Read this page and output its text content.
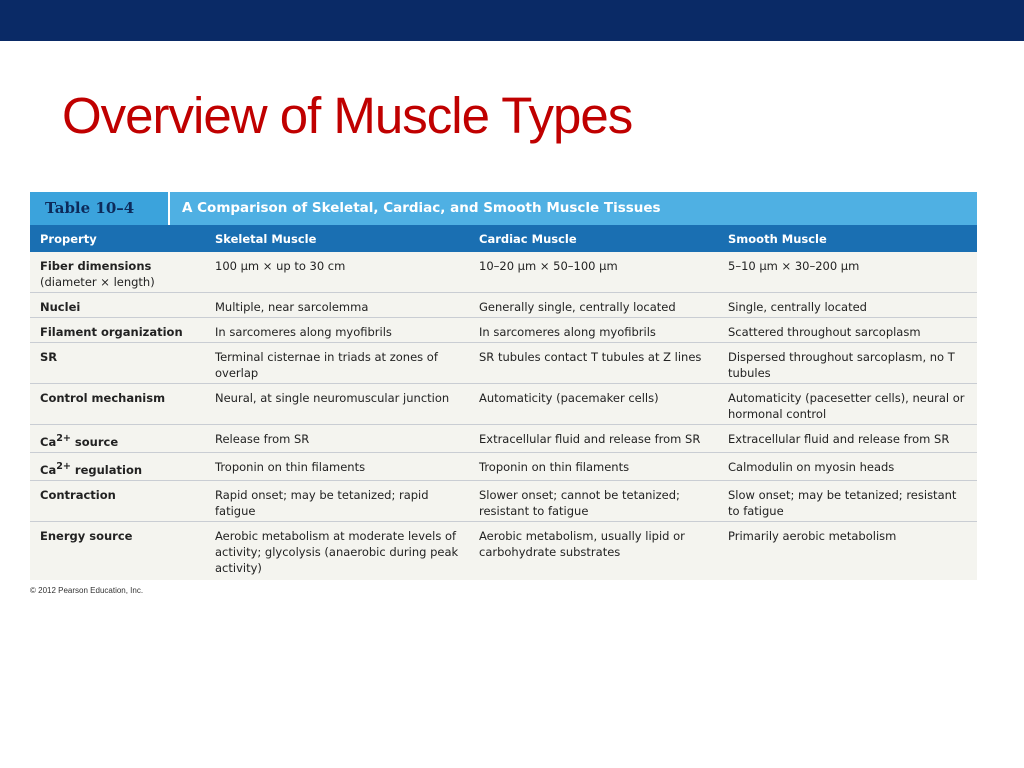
Overview of Muscle Types
Table 10–4	A Comparison of Skeletal, Cardiac, and Smooth Muscle Tissues
Property	Skeletal Muscle	Cardiac Muscle	Smooth Muscle
Fiber dimensions
(diameter × length)	100 μm × up to 30 cm	10–20 μm × 50–100 μm	5–10 μm × 30–200 μm
Nuclei	Multiple, near sarcolemma	Generally single, centrally located	Single, centrally located
Filament organization	In sarcomeres along myofibrils	In sarcomeres along myofibrils	Scattered throughout sarcoplasm
SR	Terminal cisternae in triads at zones of overlap	SR tubules contact T tubules at Z lines	Dispersed throughout sarcoplasm, no T tubules
Control mechanism	Neural, at single neuromuscular junction	Automaticity (pacemaker cells)	Automaticity (pacesetter cells), neural or hormonal control
$Ca^{2+}$ source	Release from SR	Extracellular fluid and release from SR	Extracellular fluid and release from SR
$Ca^{2+}$ regulation	Troponin on thin filaments	Troponin on thin filaments	Calmodulin on myosin heads
Contraction	Rapid onset; may be tetanized; rapid fatigue	Slower onset; cannot be tetanized; resistant to fatigue	Slow onset; may be tetanized; resistant to fatigue
Energy source	Aerobic metabolism at moderate levels of activity; glycolysis (anaerobic during peak activity)	Aerobic metabolism, usually lipid or carbohydrate substrates	Primarily aerobic metabolism
© 2012 Pearson Education, Inc.
